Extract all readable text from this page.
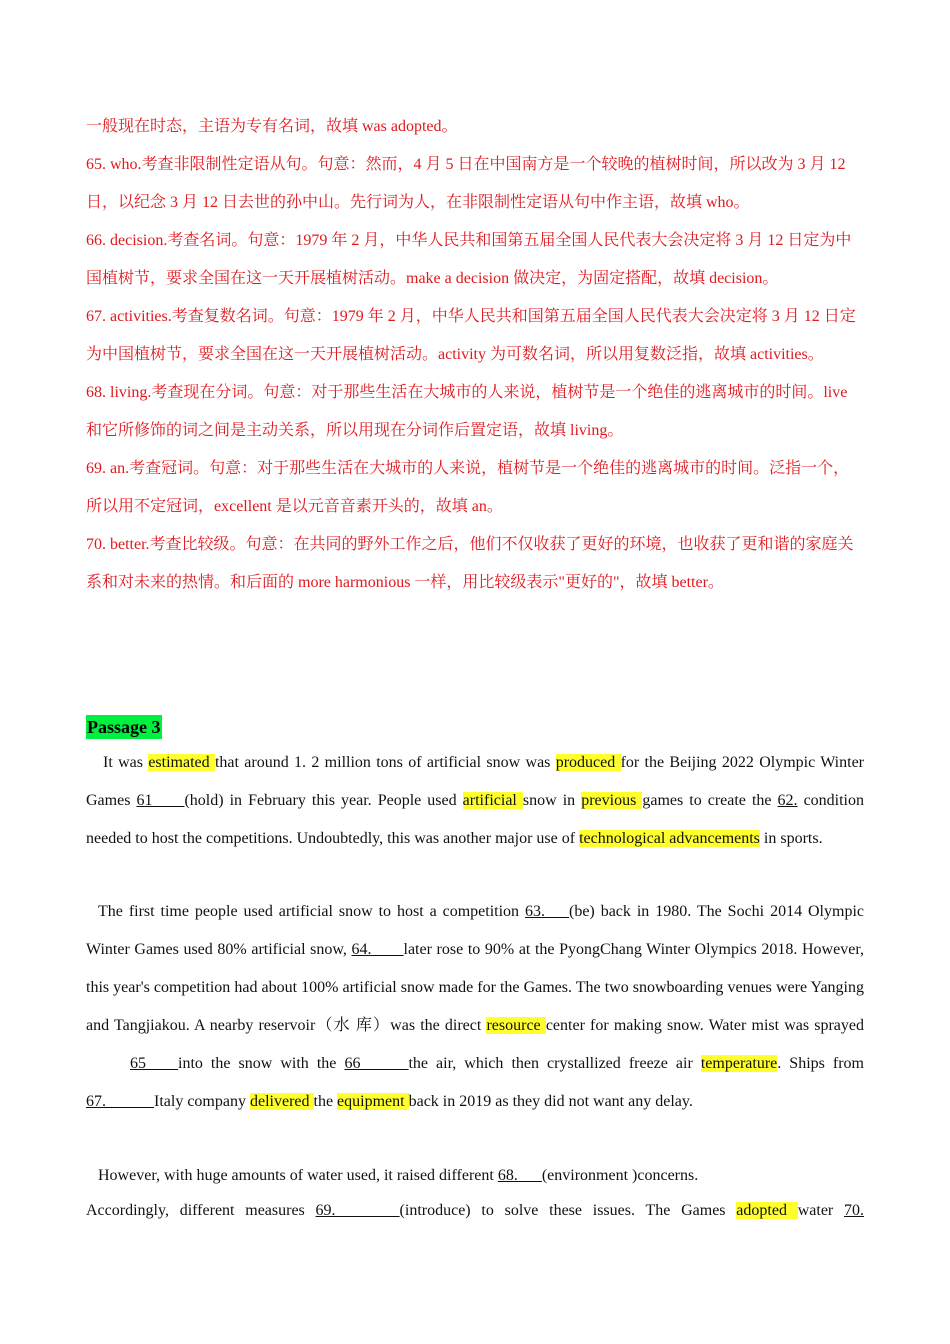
一般现在时态，主语为专有名词，故填 was adopted。

65. who.考查非限制性定语从句。句意：然而，4 月 5 日在中国南方是一个较晚的植树时间，所以改为 3 月 12 日，以纪念 3 月 12 日去世的孙中山。先行词为人，在非限制性定语从句中作主语，故填 who。

66. decision.考查名词。句意：1979 年 2 月，中华人民共和国第五届全国人民代表大会决定将 3 月 12 日定为中国植树节，要求全国在这一天开展植树活动。make a decision 做决定，为固定搭配，故填 decision。

67. activities.考查复数名词。句意：1979 年 2 月，中华人民共和国第五届全国人民代表大会决定将 3 月 12 日定为中国植树节，要求全国在这一天开展植树活动。activity 为可数名词，所以用复数泛指，故填 activities。

68. living.考查现在分词。句意：对于那些生活在大城市的人来说，植树节是一个绝佳的逃离城市的时间。live 和它所修饰的词之间是主动关系，所以用现在分词作后置定语，故填 living。

69. an.考查冠词。句意：对于那些生活在大城市的人来说，植树节是一个绝佳的逃离城市的时间。泛指一个，所以用不定冠词，excellent 是以元音音素开头的，故填 an。

70. better.考查比较级。句意：在共同的野外工作之后，他们不仅收获了更好的环境，也收获了更和谐的家庭关系和对未来的热情。和后面的 more harmonious 一样，用比较级表示"更好的"，故填 better。

Passage 3

It was estimated that around 1. 2 million tons of artificial snow was produced for the Beijing 2022 Olympic Winter Games 61____(hold) in February this year. People used artificial snow in previous games to create the 62. condition needed to host the competitions. Undoubtedly, this was another major use of technological advancements in sports.

The first time people used artificial snow to host a competition 63.___(be) back in 1980. The Sochi 2014 Olympic Winter Games used 80% artificial snow, 64.____later rose to 90% at the PyongChang Winter Olympics 2018. However, this year's competition had about 100% artificial snow made for the Games. The two snowboarding venues were Yanging and Tangjiakou. A nearby reservoir（水 库）was the direct resource center for making snow. Water mist was sprayed 65____into the snow with the 66______the air, which then crystallized freeze air temperature. Ships from 67.______Italy company delivered the equipment back in 2019 as they did not want any delay.

However, with huge amounts of water used, it raised different 68.___(environment )concerns.

Accordingly, different measures 69.________(introduce) to solve these issues. The Games adopted water 70.
